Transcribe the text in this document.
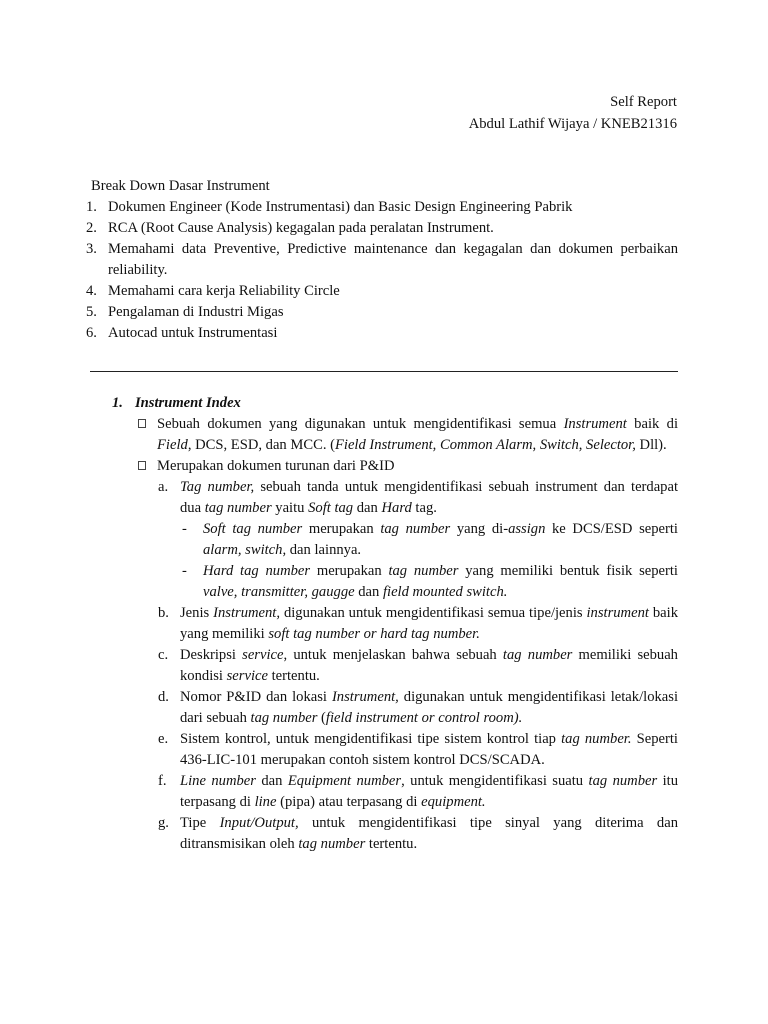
Self Report
Abdul Lathif Wijaya / KNEB21316
Break Down Dasar Instrument
1. Dokumen Engineer (Kode Instrumentasi) dan Basic Design Engineering Pabrik
2. RCA (Root Cause Analysis) kegagalan pada peralatan Instrument.
3. Memahami data Preventive, Predictive maintenance dan kegagalan dan dokumen perbaikan reliability.
4. Memahami cara kerja Reliability Circle
5. Pengalaman di Industri Migas
6. Autocad untuk Instrumentasi
1. Instrument Index
Sebuah dokumen yang digunakan untuk mengidentifikasi semua Instrument baik di Field, DCS, ESD, dan MCC. (Field Instrument, Common Alarm, Switch, Selector, Dll).
Merupakan dokumen turunan dari P&ID
a. Tag number, sebuah tanda untuk mengidentifikasi sebuah instrument dan terdapat dua tag number yaitu Soft tag dan Hard tag.
- Soft tag number merupakan tag number yang di-assign ke DCS/ESD seperti alarm, switch, dan lainnya.
- Hard tag number merupakan tag number yang memiliki bentuk fisik seperti valve, transmitter, gaugge dan field mounted switch.
b. Jenis Instrument, digunakan untuk mengidentifikasi semua tipe/jenis instrument baik yang memiliki soft tag number or hard tag number.
c. Deskripsi service, untuk menjelaskan bahwa sebuah tag number memiliki sebuah kondisi service tertentu.
d. Nomor P&ID dan lokasi Instrument, digunakan untuk mengidentifikasi letak/lokasi dari sebuah tag number (field instrument or control room).
e. Sistem kontrol, untuk mengidentifikasi tipe sistem kontrol tiap tag number. Seperti 436-LIC-101 merupakan contoh sistem kontrol DCS/SCADA.
f. Line number dan Equipment number, untuk mengidentifikasi suatu tag number itu terpasang di line (pipa) atau terpasang di equipment.
g. Tipe Input/Output, untuk mengidentifikasi tipe sinyal yang diterima dan ditransmisikan oleh tag number tertentu.
